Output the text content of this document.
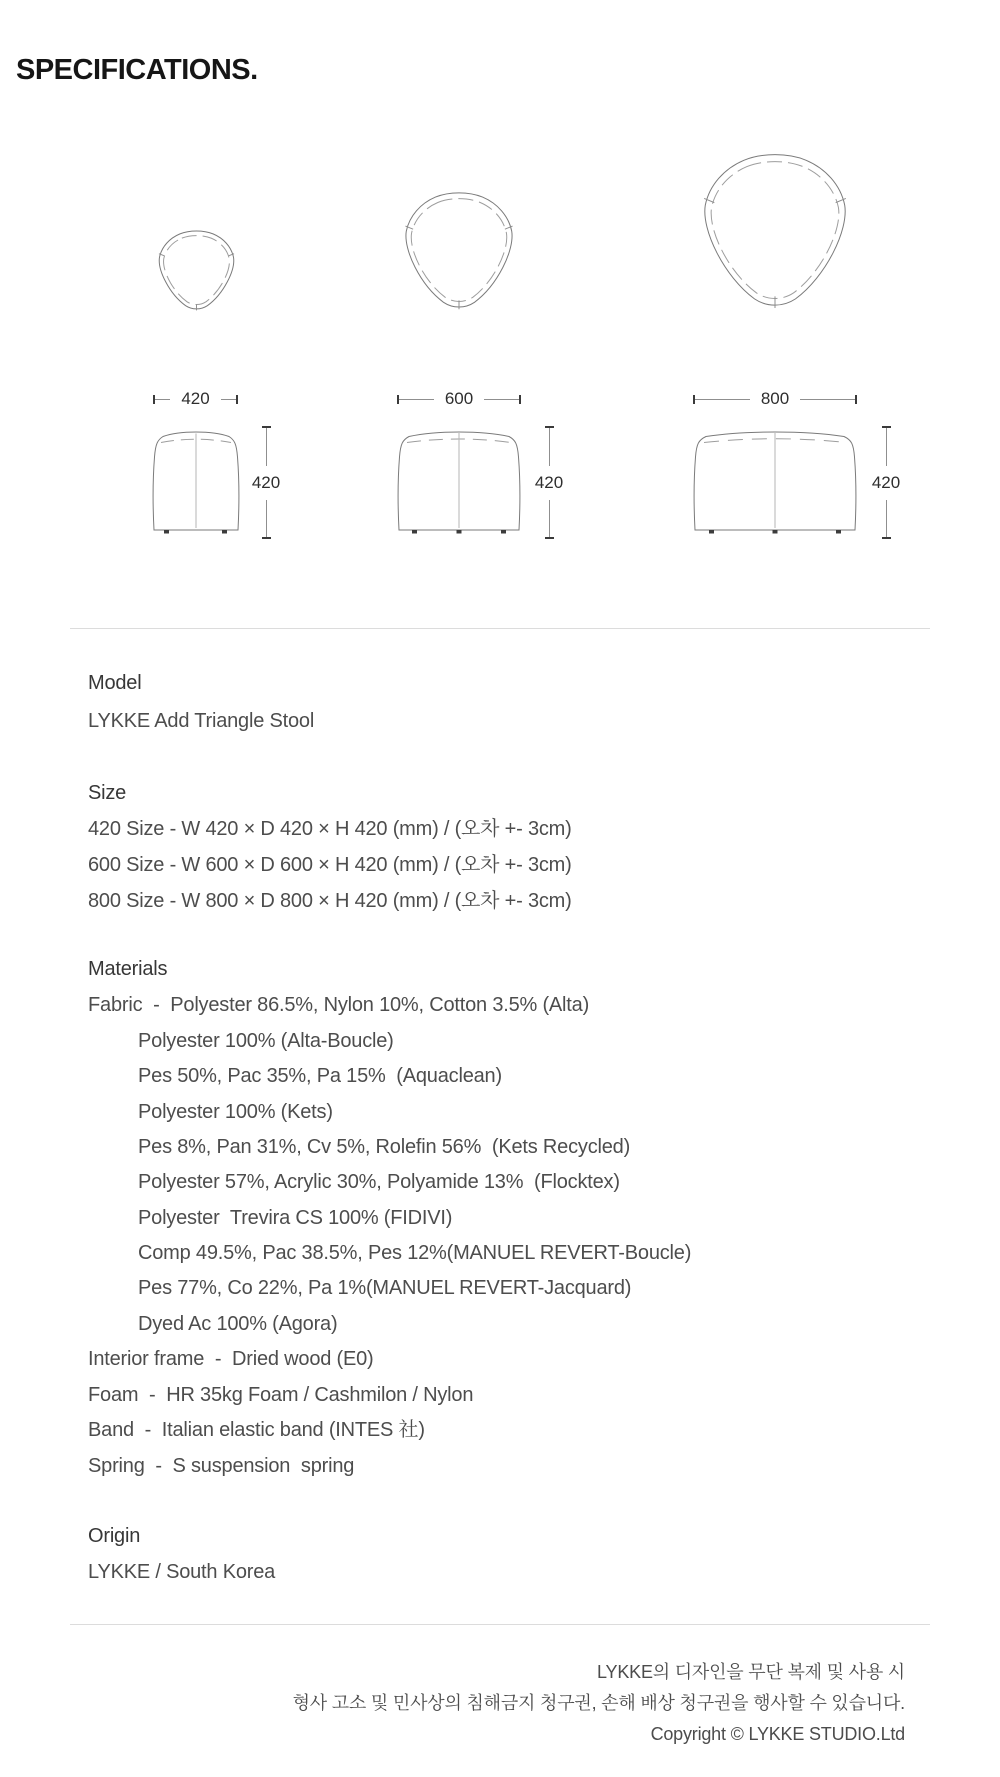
SPECIFICATIONS.
420	600	800
420	420	420
Model
LYKKE Add Triangle Stool
Size
420 Size - W 420 × D 420 × H 420 (mm) / (오차 +- 3cm)
600 Size - W 600 × D 600 × H 420 (mm) / (오차 +- 3cm)
800 Size - W 800 × D 800 × H 420 (mm) / (오차 +- 3cm)
Materials
Fabric  -  Polyester 86.5%, Nylon 10%, Cotton 3.5% (Alta)
Polyester 100% (Alta-Boucle)
Pes 50%, Pac 35%, Pa 15%  (Aquaclean)
Polyester 100% (Kets)
Pes 8%, Pan 31%, Cv 5%, Rolefin 56%  (Kets Recycled)
Polyester 57%, Acrylic 30%, Polyamide 13%  (Flocktex)
Polyester  Trevira CS 100% (FIDIVI)
Comp 49.5%, Pac 38.5%, Pes 12%(MANUEL REVERT-Boucle)
Pes 77%, Co 22%, Pa 1%(MANUEL REVERT-Jacquard)
Dyed Ac 100% (Agora)
Interior frame  -  Dried wood (E0)
Foam  -  HR 35kg Foam / Cashmilon / Nylon
Band  -  Italian elastic band (INTES 社)
Spring  -  S suspension  spring
Origin
LYKKE / South Korea
LYKKE의 디자인을 무단 복제 및 사용 시
형사 고소 및 민사상의 침해금지 청구권, 손해 배상 청구권을 행사할 수 있습니다.
Copyright © LYKKE STUDIO.Ltd
